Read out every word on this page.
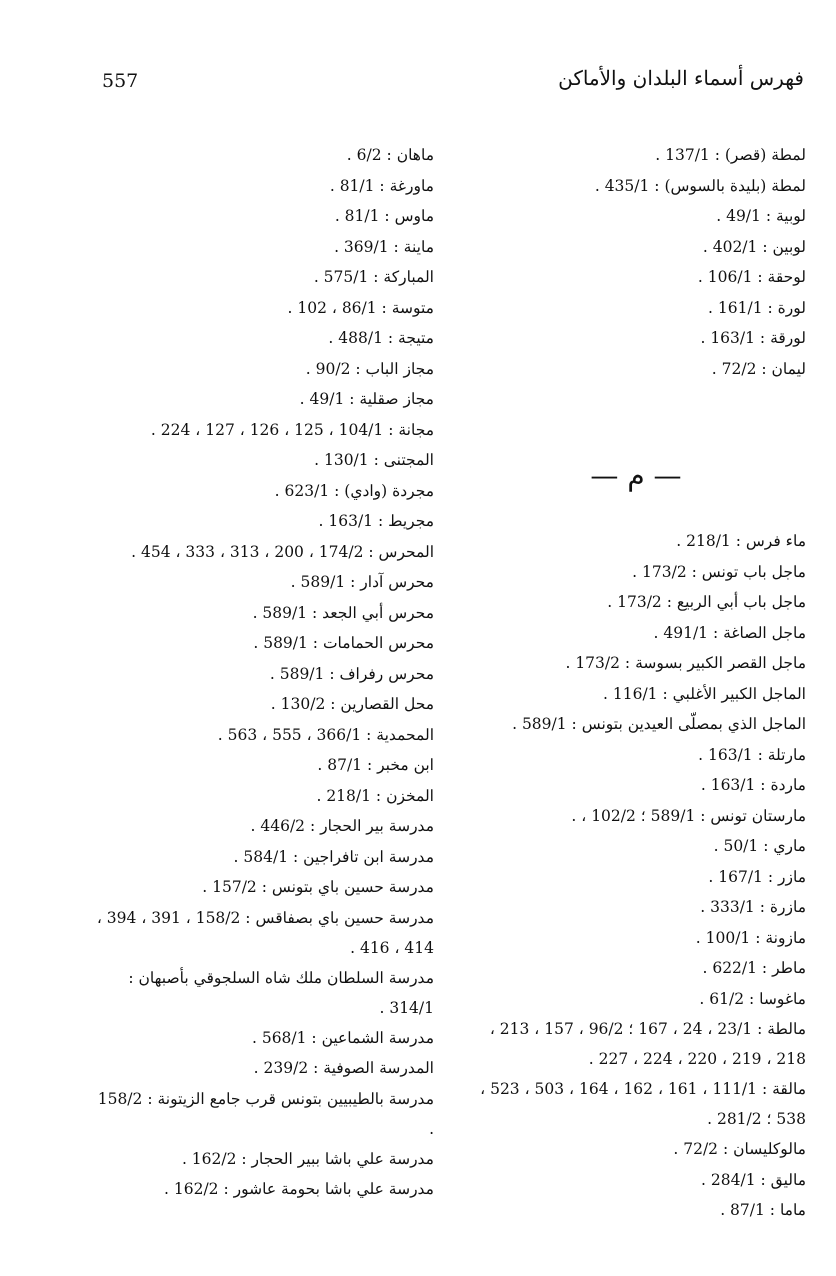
فهرس أسماء البلدان والأماكن
557
لمطة (قصر) : 137/1 .
لمطة (بليدة بالسوس) : 435/1 .
لوبية : 49/1 .
لوبين : 402/1 .
لوحقة : 106/1 .
لورة : 161/1 .
لورقة : 163/1 .
ليمان : 72/2 .
— م —
ماء فرس : 218/1 .
ماجل باب تونس : 173/2 .
ماجل باب أبي الربيع : 173/2 .
ماجل الصاغة : 491/1 .
ماجل القصر الكبير بسوسة : 173/2 .
الماجل الكبير الأغلبي : 116/1 .
الماجل الذي بمصلّى العيدين بتونس : 589/1 .
مارتلة : 163/1 .
ماردة : 163/1 .
مارستان تونس : 589/1 ؛ 102/2 ، .
ماري : 50/1 .
مازر : 167/1 .
مازرة : 333/1 .
مازونة : 100/1 .
ماطر : 622/1 .
ماغوسا : 61/2 .
مالطة : 23/1 ، 24 ، 167 ؛ 96/2 ، 157 ، 213 ، 218 ، 219 ، 220 ، 224 ، 227 .
مالقة : 111/1 ، 161 ، 162 ، 164 ، 503 ، 523 ، 538 ؛ 281/2 .
مالوكليسان : 72/2 .
ماليق : 284/1 .
ماما : 87/1 .
ماهان : 6/2 .
ماورغة : 81/1 .
ماوس : 81/1 .
ماينة : 369/1 .
المباركة : 575/1 .
متوسة : 86/1 ، 102 .
متيجة : 488/1 .
مجاز الباب : 90/2 .
مجاز صقلية : 49/1 .
مجانة : 104/1 ، 125 ، 126 ، 127 ، 224 .
المجتنى : 130/1 .
مجردة (وادي) : 623/1 .
مجريط : 163/1 .
المحرس : 174/2 ، 200 ، 313 ، 333 ، 454 .
محرس آدار : 589/1 .
محرس أبي الجعد : 589/1 .
محرس الحمامات : 589/1 .
محرس رفراف : 589/1 .
محل القصارين : 130/2 .
المحمدية : 366/1 ، 555 ، 563 .
ابن مخبر : 87/1 .
المخزن : 218/1 .
مدرسة بير الحجار : 446/2 .
مدرسة ابن تافراجين : 584/1 .
مدرسة حسين باي بتونس : 157/2 .
مدرسة حسين باي بصفاقس : 158/2 ، 391 ، 394 ، 414 ، 416 .
مدرسة السلطان ملك شاه السلجوقي بأصبهان : 314/1 .
مدرسة الشماعين : 568/1 .
المدرسة الصوفية : 239/2 .
مدرسة بالطيبيين بتونس قرب جامع الزيتونة : 158/2 .
مدرسة علي باشا ببير الحجار : 162/2 .
مدرسة علي باشا بحومة عاشور : 162/2 .
